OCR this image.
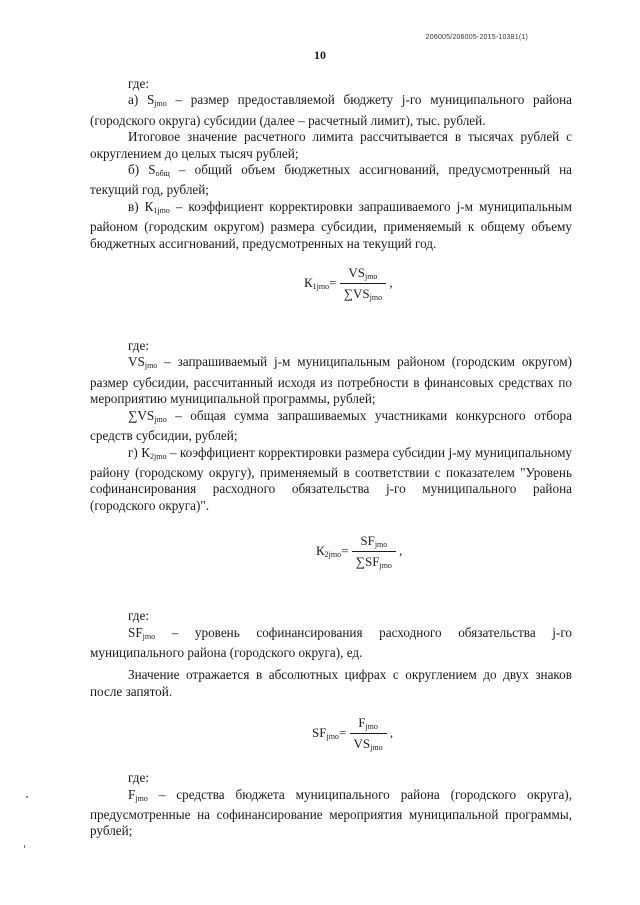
206005/206005-2015-10381(1)
10

где:

а) $S_{jmo}$ – размер предоставляемой бюджету j-го муниципального района (городского округа) субсидии (далее – расчетный лимит), тыс. рублей.

Итоговое значение расчетного лимита рассчитывается в тысячах рублей с округлением до целых тысяч рублей;

б) $S_{общ}$ – общий объем бюджетных ассигнований, предусмотренный на текущий год, рублей;

в) $К_{1jmo}$ – коэффициент корректировки запрашиваемого j-м муниципальным районом (городским округом) размера субсидии, применяемый к общему объему бюджетных ассигнований, предусмотренных на текущий год.

$К_{1jmo}= \frac{VS_{jmo}}{\sum VS_{jmo}}$ ,

где:

$VS_{jmo}$ – запрашиваемый j-м муниципальным районом (городским округом) размер субсидии, рассчитанный исходя из потребности в финансовых средствах по мероприятию муниципальной программы, рублей;

$\sum VS_{jmo}$ – общая сумма запрашиваемых участниками конкурсного отбора средств субсидии, рублей;

г) $К_{2jmo}$ – коэффициент корректировки размера субсидии j-му муниципальному району (городскому округу), применяемый в соответствии с показателем "Уровень софинансирования расходного обязательства j-го муниципального района (городского округа)".

$К_{2jmo}= \frac{SF_{jmo}}{\sum SF_{jmo}}$ ,

где:

$SF_{jmo}$ – уровень софинансирования расходного обязательства j-го муниципального района (городского округа), ед.

Значение отражается в абсолютных цифрах с округлением до двух знаков после запятой.

$SF_{jmo}= \frac{F_{jmo}}{VS_{jmo}}$ ,

где:

$F_{jmo}$ – средства бюджета муниципального района (городского округа), предусмотренные на софинансирование мероприятия муниципальной программы, рублей;
